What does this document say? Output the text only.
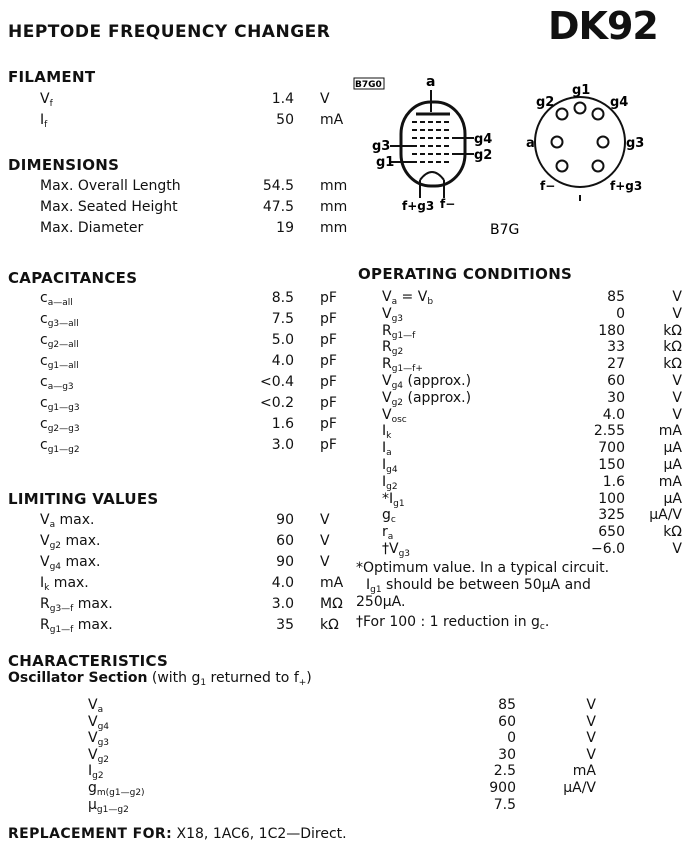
HEPTODE FREQUENCY CHANGER	DK92
FILAMENT
$V_f$	1.4 V
$I_f$	50 mA
DIMENSIONS
Max. Overall Length	54.5 mm
Max. Seated Height	47.5 mm
Max. Diameter	19 mm
CAPACITANCES
$c_{a—all}$	8.5 pF
$c_{g3—all}$	7.5 pF
$c_{g2—all}$	5.0 pF
$c_{g1—all}$	4.0 pF
$c_{a—g3}$	<0.4 pF
$c_{g1—g3}$	<0.2 pF
$c_{g2—g3}$	1.6 pF
$c_{g1—g2}$	3.0 pF
LIMITING VALUES
$V_a$ max.	90 V
$V_{g2}$ max.	60 V
$V_{g4}$ max.	90 V
$I_k$ max.	4.0 mA
$R_{g3—f}$ max.	3.0 MΩ
$R_{g1—f}$ max.	35 kΩ
B7G0	a
g4
g2
g3
g1
f+g3 f−
g2
g1
g4
a	g3
f−	f+g3
B7G
OPERATING CONDITIONS
$V_a = V_b$	85	V
$V_{g3}$	0	V
$R_{g1—f}$	180	kΩ
$R_{g2}$	33	kΩ
$R_{g1—f+}$	27	kΩ
$V_{g4}$ (approx.)	60	V
$V_{g2}$ (approx.)	30	V
$V_{osc}$	4.0	V
$I_k$	2.55	mA
$I_a$	700	μA
$I_{g4}$	150	μA
$I_{g2}$	1.6	mA
$*I_{g1}$	100	μA
$g_c$	325	μA/V
$r_a$	650	kΩ
$\dagger V_{g3}$	−6.0	V
*Optimum value. In a typical circuit.
$I_{g1}$ should be between 50μA and
250μA.
†For 100 : 1 reduction in $g_c$.
CHARACTERISTICS
Oscillator Section (with $g_1$ returned to $f_+$)
$V_a$	85	V
$V_{g4}$	60	V
$V_{g3}$	0	V
$V_{g2}$	30	V
$I_{g2}$	2.5	mA
$g_{m(g1—g2)}$	900	μA/V
$\mu_{g1—g2}$	7.5
REPLACEMENT FOR: X18, 1AC6, 1C2—Direct.
